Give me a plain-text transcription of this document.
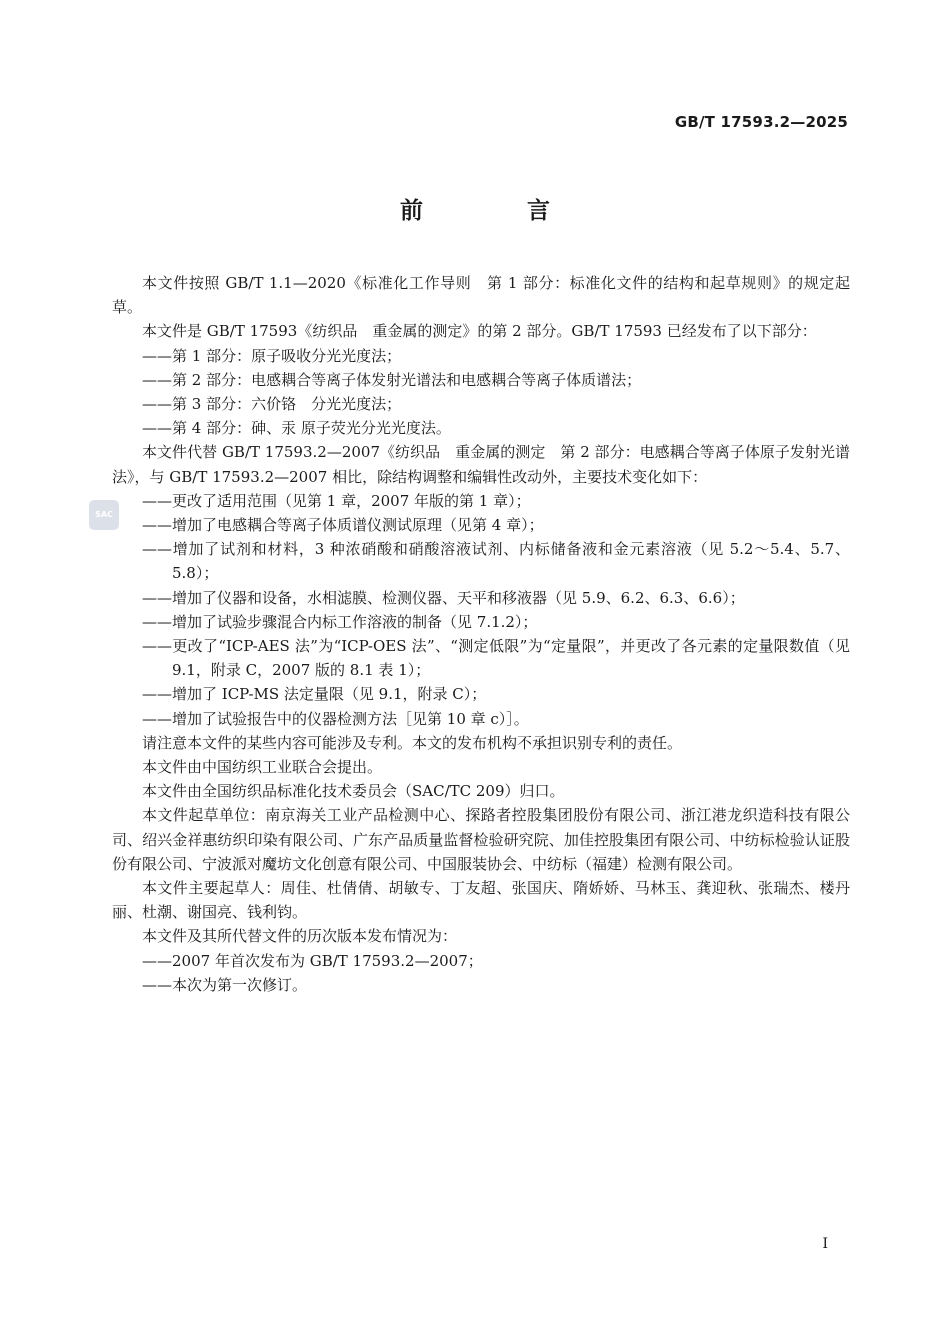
GB/T 17593.2—2025
前 言
SAC

本文件按照 GB/T 1.1—2020《标准化工作导则　第 1 部分：标准化文件的结构和起草规则》的规定起草。

本文件是 GB/T 17593《纺织品　重金属的测定》的第 2 部分。GB/T 17593 已经发布了以下部分：

——第 1 部分：原子吸收分光光度法；

——第 2 部分：电感耦合等离子体发射光谱法和电感耦合等离子体质谱法；

——第 3 部分：六价铬　分光光度法；

——第 4 部分：砷、汞 原子荧光分光光度法。

本文件代替 GB/T 17593.2—2007《纺织品　重金属的测定　第 2 部分：电感耦合等离子体原子发射光谱法》，与 GB/T 17593.2—2007 相比，除结构调整和编辑性改动外，主要技术变化如下：

——更改了适用范围（见第 1 章，2007 年版的第 1 章）；

——增加了电感耦合等离子体质谱仪测试原理（见第 4 章）；

——增加了试剂和材料，3 种浓硝酸和硝酸溶液试剂、内标储备液和金元素溶液（见 5.2～5.4、5.7、5.8）；

——增加了仪器和设备，水相滤膜、检测仪器、天平和移液器（见 5.9、6.2、6.3、6.6）；

——增加了试验步骤混合内标工作溶液的制备（见 7.1.2）；

——更改了“ICP-AES 法”为“ICP-OES 法”、“测定低限”为“定量限”，并更改了各元素的定量限数值（见 9.1，附录 C，2007 版的 8.1 表 1）；

——增加了 ICP-MS 法定量限（见 9.1，附录 C）；

——增加了试验报告中的仪器检测方法［见第 10 章 c）］。

请注意本文件的某些内容可能涉及专利。本文的发布机构不承担识别专利的责任。

本文件由中国纺织工业联合会提出。

本文件由全国纺织品标准化技术委员会（SAC/TC 209）归口。

本文件起草单位：南京海关工业产品检测中心、探路者控股集团股份有限公司、浙江港龙织造科技有限公司、绍兴金祥惠纺织印染有限公司、广东产品质量监督检验研究院、加佳控股集团有限公司、中纺标检验认证股份有限公司、宁波派对魔坊文化创意有限公司、中国服装协会、中纺标（福建）检测有限公司。

本文件主要起草人：周佳、杜倩倩、胡敏专、丁友超、张国庆、隋娇娇、马林玉、龚迎秋、张瑞杰、楼丹丽、杜潮、谢国亮、钱利钧。

本文件及其所代替文件的历次版本发布情况为：

——2007 年首次发布为 GB/T 17593.2—2007；

——本次为第一次修订。

I
